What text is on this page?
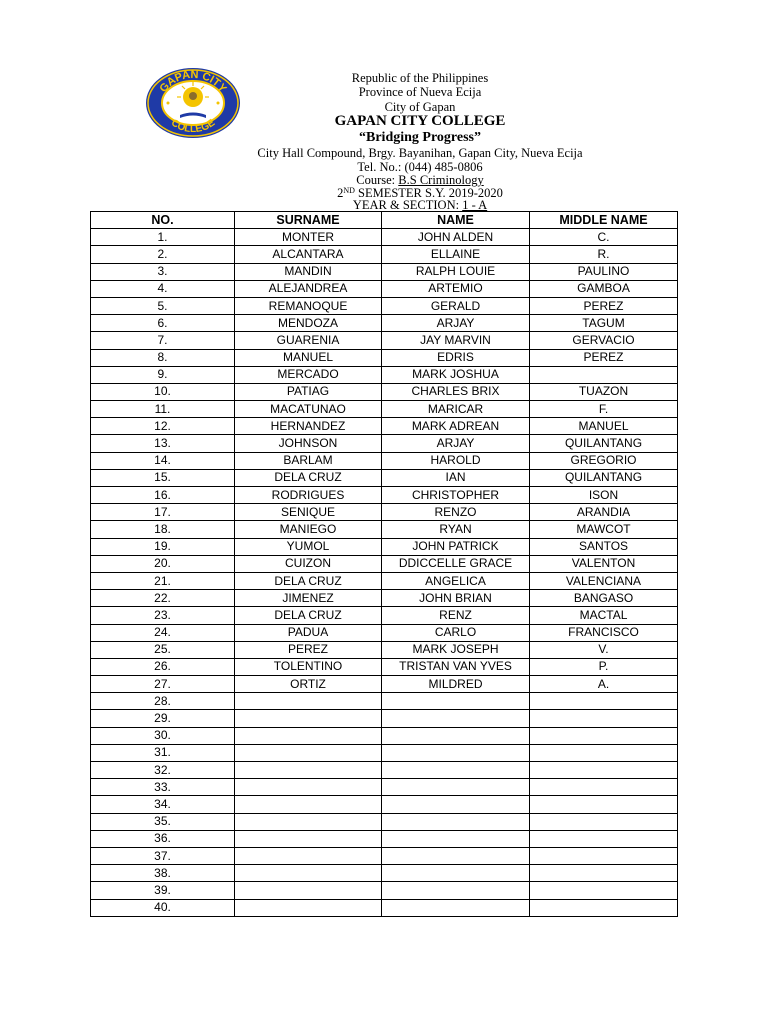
GAPAN CITY
COLLEGE
Republic of the Philippines
Province of Nueva Ecija
City of Gapan
GAPAN CITY COLLEGE
“Bridging Progress”
City Hall Compound, Brgy. Bayanihan, Gapan City, Nueva Ecija
Tel. No.: (044) 485-0806
Course: B.S Criminology
2ND SEMESTER S.Y. 2019-2020
YEAR & SECTION: 1 - A
NO.	SURNAME	NAME	MIDDLE NAME
1.	MONTER	JOHN ALDEN	C.
2.	ALCANTARA	ELLAINE	R.
3.	MANDIN	RALPH LOUIE	PAULINO
4.	ALEJANDREA	ARTEMIO	GAMBOA
5.	REMANOQUE	GERALD	PEREZ
6.	MENDOZA	ARJAY	TAGUM
7.	GUARENIA	JAY MARVIN	GERVACIO
8.	MANUEL	EDRIS	PEREZ
9.	MERCADO	MARK JOSHUA	
10.	PATIAG	CHARLES BRIX	TUAZON
11.	MACATUNAO	MARICAR	F.
12.	HERNANDEZ	MARK ADREAN	MANUEL
13.	JOHNSON	ARJAY	QUILANTANG
14.	BARLAM	HAROLD	GREGORIO
15.	DELA CRUZ	IAN	QUILANTANG
16.	RODRIGUES	CHRISTOPHER	ISON
17.	SENIQUE	RENZO	ARANDIA
18.	MANIEGO	RYAN	MAWCOT
19.	YUMOL	JOHN PATRICK	SANTOS
20.	CUIZON	DDICCELLE GRACE	VALENTON
21.	DELA CRUZ	ANGELICA	VALENCIANA
22.	JIMENEZ	JOHN BRIAN	BANGASO
23.	DELA CRUZ	RENZ	MACTAL
24.	PADUA	CARLO	FRANCISCO
25.	PEREZ	MARK JOSEPH	V.
26.	TOLENTINO	TRISTAN VAN YVES	P.
27.	ORTIZ	MILDRED	A.
28.			
29.			
30.			
31.			
32.			
33.			
34.			
35.			
36.			
37.			
38.			
39.			
40.			
